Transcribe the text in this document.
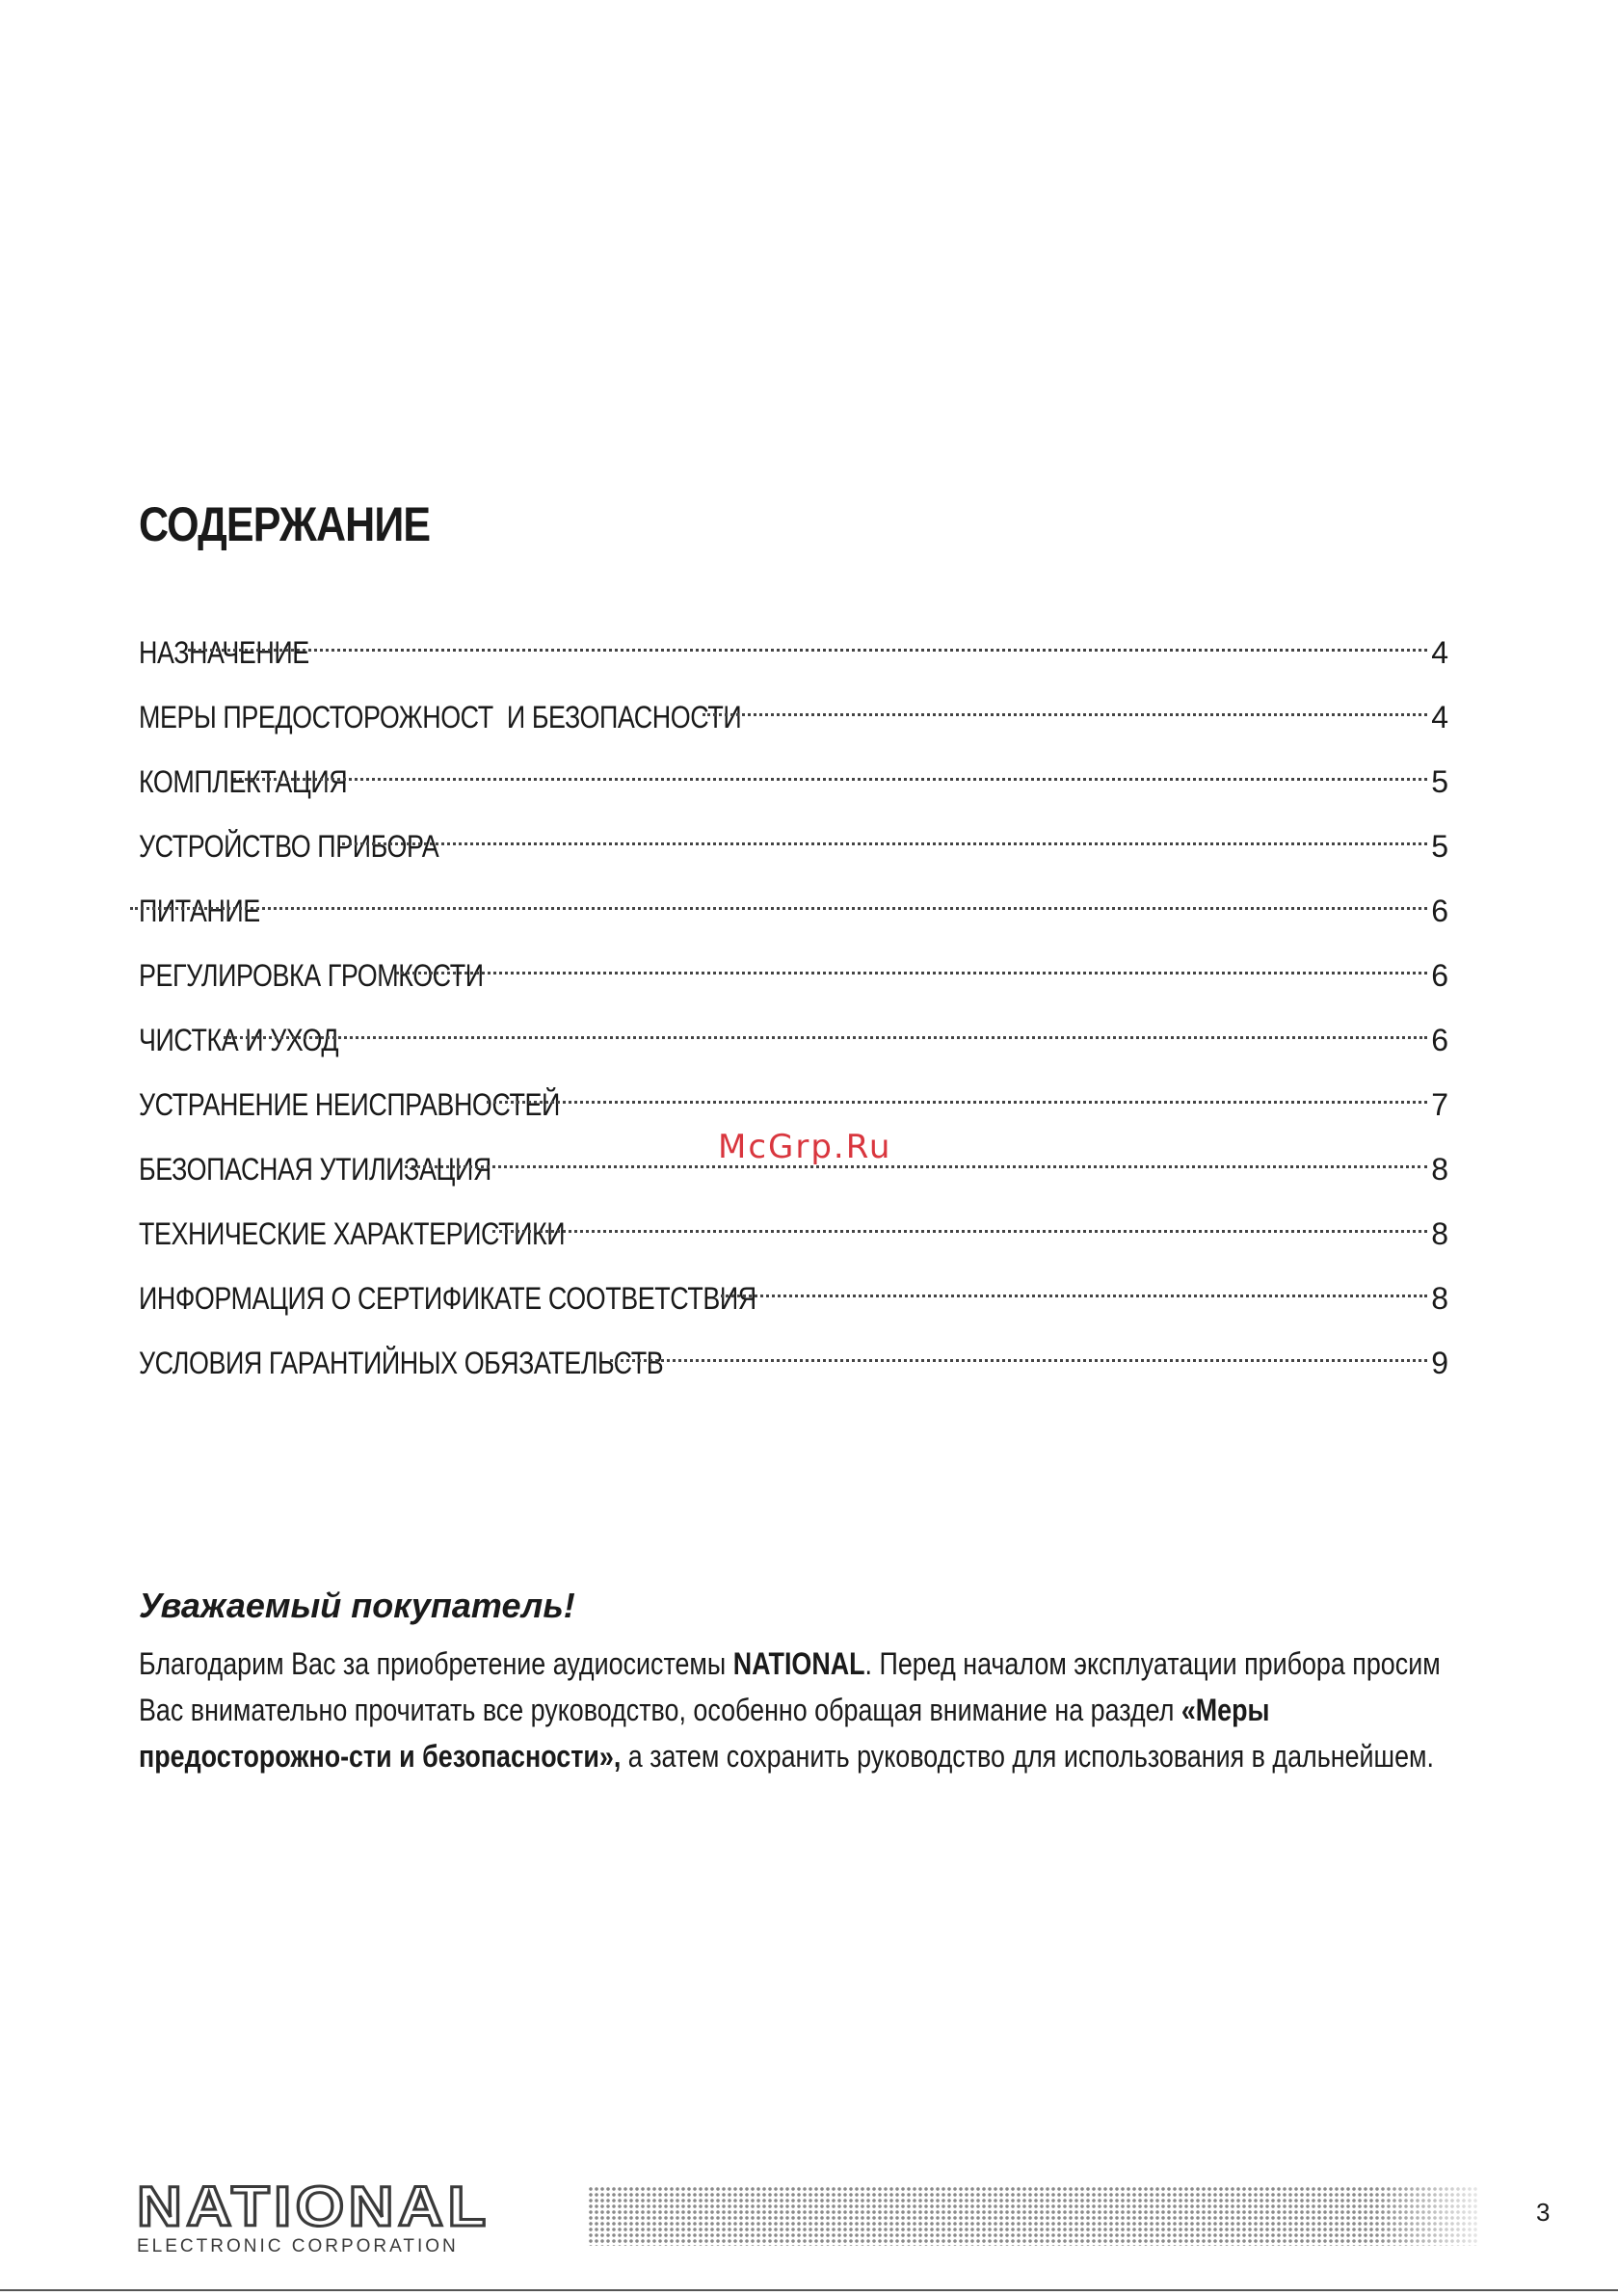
СОДЕРЖАНИЕ
НАЗНАЧЕНИЕ	4
МЕРЫ ПРЕДОСТОРОЖНОСТ  И БЕЗОПАСНОСТИ	4
КОМПЛЕКТАЦИЯ	5
УСТРОЙСТВО ПРИБОРА	5
ПИТАНИЕ	6
РЕГУЛИРОВКА ГРОМКОСТИ	6
ЧИСТКА И УХОД	6
УСТРАНЕНИЕ НЕИСПРАВНОСТЕЙ	7
БЕЗОПАСНАЯ УТИЛИЗАЦИЯ	8
ТЕХНИЧЕСКИЕ ХАРАКТЕРИСТИКИ	8
ИНФОРМАЦИЯ О СЕРТИФИКАТЕ СООТВЕТСТВИЯ	8
УСЛОВИЯ ГАРАНТИЙНЫХ ОБЯЗАТЕЛЬСТВ	9
McGrp.Ru
Уважаемый покупатель!

Благодарим Вас за приобретение аудиосистемы NATIONAL. Перед началом эксплуатации прибора просим Вас внимательно прочитать все руководство, особенно обращая внимание на раздел «Меры предосторожно-сти и безопасности», а затем сохранить руководство для использования в дальнейшем.

NATIONAL
ELECTRONIC CORPORATION
3
